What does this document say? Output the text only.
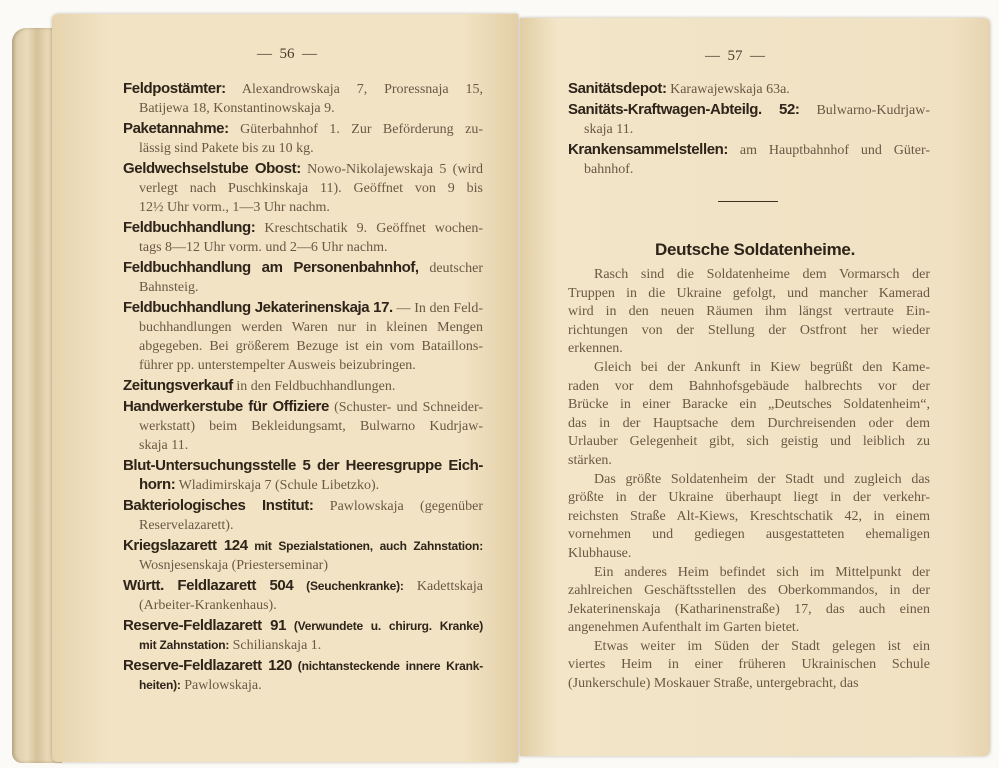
—  56  —
Feldpostämter: Alexandrowskaja 7, Proressnaja 15,
Batijewa 18, Konstantinowskaja 9.
Paketannahme: Güterbahnhof 1. Zur Beförderung zu-
lässig sind Pakete bis zu 10 kg.
Geldwechselstube Obost: Nowo-Nikolajewskaja 5 (wird
verlegt nach Puschkinskaja 11). Geöffnet von 9 bis
12½ Uhr vorm., 1—3 Uhr nachm.
Feldbuchhandlung: Kreschtschatik 9. Geöffnet wochen-
tags 8—12 Uhr vorm. und 2—6 Uhr nachm.
Feldbuchhandlung am Personenbahnhof, deutscher
Bahnsteig.
Feldbuchhandlung Jekaterinenskaja 17. — In den Feld-
buchhandlungen werden Waren nur in kleinen Mengen
abgegeben. Bei größerem Bezuge ist ein vom Bataillons-
führer pp. unterstempelter Ausweis beizubringen.
Zeitungsverkauf in den Feldbuchhandlungen.
Handwerkerstube für Offiziere (Schuster- und Schneider-
werkstatt) beim Bekleidungsamt, Bulwarno Kudrjaw-
skaja 11.
Blut-Untersuchungsstelle 5 der Heeresgruppe Eich-
horn: Wladimirskaja 7 (Schule Libetzko).
Bakteriologisches Institut: Pawlowskaja (gegenüber
Reservelazarett).
Kriegslazarett 124 mit Spezialstationen, auch Zahnstation:
Wosnjesenskaja (Priesterseminar)
Württ. Feldlazarett 504 (Seuchenkranke): Kadettskaja
(Arbeiter-Krankenhaus).
Reserve-Feldlazarett 91 (Verwundete u. chirurg. Kranke)
mit Zahnstation: Schilianskaja 1.
Reserve-Feldlazarett 120 (nichtansteckende innere Krank-
heiten): Pawlowskaja.
—  57  —
Sanitätsdepot: Karawajewskaja 63a.
Sanitäts-Kraftwagen-Abteilg. 52: Bulwarno-Kudrjaw-
skaja 11.
Krankensammelstellen: am Hauptbahnhof und Güter-
bahnhof.
Deutsche Soldatenheime.
Rasch sind die Soldatenheime dem Vormarsch der
Truppen in die Ukraine gefolgt, und mancher Kamerad
wird in den neuen Räumen ihm längst vertraute Ein-
richtungen von der Stellung der Ostfront her wieder
erkennen.
Gleich bei der Ankunft in Kiew begrüßt den Kame-
raden vor dem Bahnhofsgebäude halbrechts vor der
Brücke in einer Baracke ein „Deutsches Soldatenheim“,
das in der Hauptsache dem Durchreisenden oder dem
Urlauber Gelegenheit gibt, sich geistig und leiblich zu
stärken.
Das größte Soldatenheim der Stadt und zugleich das
größte in der Ukraine überhaupt liegt in der verkehr-
reichsten Straße Alt-Kiews, Kreschtschatik 42, in einem
vornehmen und gediegen ausgestatteten ehemaligen
Klubhause.
Ein anderes Heim befindet sich im Mittelpunkt der
zahlreichen Geschäftsstellen des Oberkommandos, in der
Jekaterinenskaja (Katharinenstraße) 17, das auch einen
angenehmen Aufenthalt im Garten bietet.
Etwas weiter im Süden der Stadt gelegen ist ein
viertes Heim in einer früheren Ukrainischen Schule
(Junkerschule) Moskauer Straße, untergebracht, das
